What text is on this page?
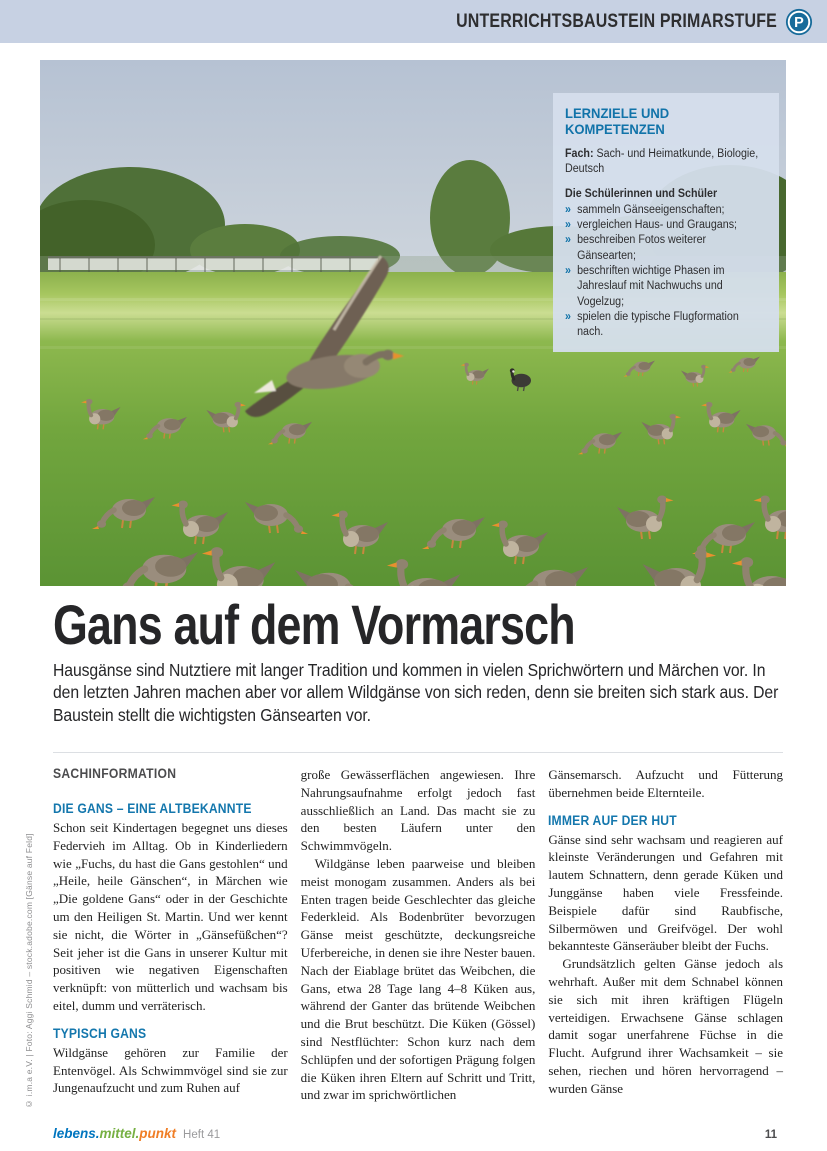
UNTERRICHTSBAUSTEIN PRIMARSTUFE P
LERNZIELE UND KOMPETENZEN
Fach: Sach- und Heimatkunde, Biologie, Deutsch
Die Schülerinnen und Schüler
» sammeln Gänseeigenschaften;
» vergleichen Haus- und Graugans;
» beschreiben Fotos weiterer Gänsearten;
» beschriften wichtige Phasen im Jahreslauf mit Nachwuchs und Vogelzug;
» spielen die typische Flugformation nach.
Gans auf dem Vormarsch

Hausgänse sind Nutztiere mit langer Tradition und kommen in vielen Sprichwörtern und Märchen vor. In den letzten Jahren machen aber vor allem Wildgänse von sich reden, denn sie breiten sich stark aus. Der Baustein stellt die wichtigsten Gänsearten vor.

SACHINFORMATION
DIE GANS – EINE ALTBEKANNTE

Schon seit Kindertagen begegnet uns dieses Federvieh im Alltag. Ob in Kinderliedern wie „Fuchs, du hast die Gans gestohlen“ und „Heile, heile Gänschen“, in Märchen wie „Die goldene Gans“ oder in der Geschichte um den Heiligen St. Martin. Und wer kennt sie nicht, die Wörter in „Gänsefüßchen“? Seit jeher ist die Gans in unserer Kultur mit positiven wie negativen Eigenschaften verknüpft: von mütterlich und wachsam bis eitel, dumm und verräterisch.

TYPISCH GANS

Wildgänse gehören zur Familie der Entenvögel. Als Schwimmvögel sind sie zur Jungenaufzucht und zum Ruhen auf

große Gewässerflächen angewiesen. Ihre Nahrungsaufnahme erfolgt jedoch fast ausschließlich an Land. Das macht sie zu den besten Läufern unter den Schwimmvögeln.

Wildgänse leben paarweise und bleiben meist monogam zusammen. Anders als bei Enten tragen beide Geschlechter das gleiche Federkleid. Als Bodenbrüter bevorzugen Gänse meist geschützte, deckungsreiche Uferbereiche, in denen sie ihre Nester bauen. Nach der Eiablage brütet das Weibchen, die Gans, etwa 28 Tage lang 4–8 Küken aus, während der Ganter das brütende Weibchen und die Brut beschützt. Die Küken (Gössel) sind Nestflüchter: Schon kurz nach dem Schlüpfen und der sofortigen Prägung folgen die Küken ihren Eltern auf Schritt und Tritt, und zwar im sprichwörtlichen

Gänsemarsch. Aufzucht und Fütterung übernehmen beide Elternteile.

IMMER AUF DER HUT

Gänse sind sehr wachsam und reagieren auf kleinste Veränderungen und Gefahren mit lautem Schnattern, denn gerade Küken und Junggänse haben viele Fressfeinde. Beispiele dafür sind Raubfische, Silbermöwen und Greifvögel. Der wohl bekannteste Gänseräuber bleibt der Fuchs.

Grundsätzlich gelten Gänse jedoch als wehrhaft. Außer mit dem Schnabel können sie sich mit ihren kräftigen Flügeln verteidigen. Erwachsene Gänse schlagen damit sogar unerfahrene Füchse in die Flucht. Aufgrund ihrer Wachsamkeit – sie sehen, riechen und hören hervorragend – wurden Gänse

© i.m.a e.V. | Foto: Aggi Schmid – stock.adobe.com [Gänse auf Feld]
lebens.mittel.punkt Heft 41	11
